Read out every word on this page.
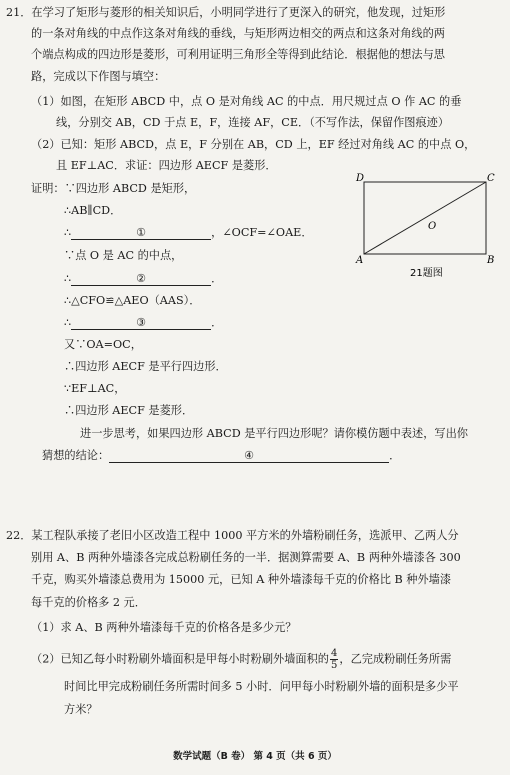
21．在学习了矩形与菱形的相关知识后，小明同学进行了更深入的研究，他发现，过矩形
的一条对角线的中点作这条对角线的垂线，与矩形两边相交的两点和这条对角线的两
个端点构成的四边形是菱形，可利用证明三角形全等得到此结论．根据他的想法与思
路，完成以下作图与填空：
（1）如图，在矩形 ABCD 中，点 O 是对角线 AC 的中点．用尺规过点 O 作 AC 的垂
线，分别交 AB，CD 于点 E，F，连接 AF，CE．（不写作法，保留作图痕迹）
（2）已知：矩形 ABCD，点 E，F 分别在 AB，CD 上，EF 经过对角线 AC 的中点 O，
且 EF⊥AC．求证：四边形 AECF 是菱形．
证明：∵四边形 ABCD 是矩形，
∴AB∥CD．
∴	①	，∠OCF=∠OAE．
∵点 O 是 AC 的中点，
∴	②	．
∴△CFO≌△AEO（AAS）．
∴	③	．
又∵OA=OC，
∴四边形 AECF 是平行四边形．
∵EF⊥AC，
∴四边形 AECF 是菱形．
进一步思考，如果四边形 ABCD 是平行四边形呢？请你模仿题中表述，写出你
猜想的结论：	④	．
D	C
A	B
O
21题图
22．某工程队承接了老旧小区改造工程中 1000 平方米的外墙粉刷任务，选派甲、乙两人分
别用 A、B 两种外墙漆各完成总粉刷任务的一半．据测算需要 A、B 两种外墙漆各 300
千克，购买外墙漆总费用为 15000 元，已知 A 种外墙漆每千克的价格比 B 种外墙漆
每千克的价格多 2 元．
（1）求 A、B 两种外墙漆每千克的价格各是多少元？
（2）已知乙每小时粉刷外墙面积是甲每小时粉刷外墙面积的 $\frac{4}{5}$ ，乙完成粉刷任务所需
时间比甲完成粉刷任务所需时间多 5 小时．问甲每小时粉刷外墙的面积是多少平
方米？
数学试题（B 卷） 第 4 页（共 6 页）
